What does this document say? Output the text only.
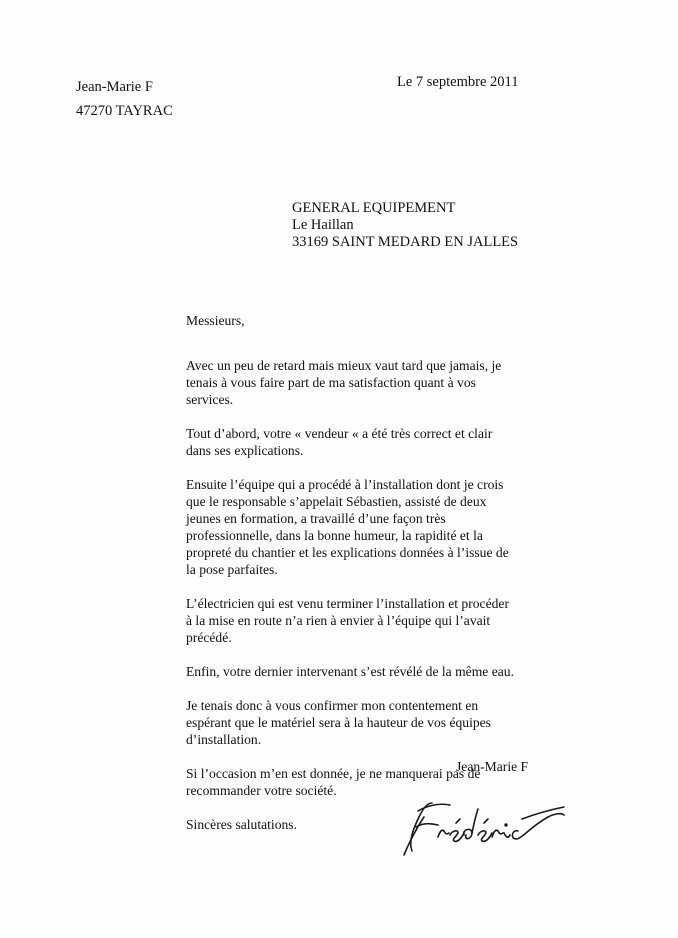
Jean-Marie F
47270 TAYRAC
Le 7 septembre 2011
GENERAL EQUIPEMENT
Le Haillan
33169 SAINT MEDARD EN JALLES

Messieurs,

Avec un peu de retard mais mieux vaut tard que jamais, je tenais à vous faire part de ma satisfaction quant à vos services.

Tout d’abord, votre « vendeur « a été très correct et clair dans ses explications.

Ensuite l’équipe qui a procédé à l’installation dont je crois que le responsable s’appelait Sébastien, assisté de deux jeunes en formation, a travaillé d’une façon très professionnelle, dans la bonne humeur, la rapidité et la propreté du chantier et les explications données à l’issue de la pose parfaites.

L’électricien qui est venu terminer l’installation et procéder à la mise en route n’a rien à envier à l’équipe qui l’avait précédé.

Enfin, votre dernier intervenant s’est révélé de la même eau.

Je tenais donc à vous confirmer mon contentement en espérant que le matériel sera à la hauteur de vos équipes d’installation.

Si l’occasion m’en est donnée, je ne manquerai pas de recommander votre société.

Sincères salutations.

Jean-Marie F
